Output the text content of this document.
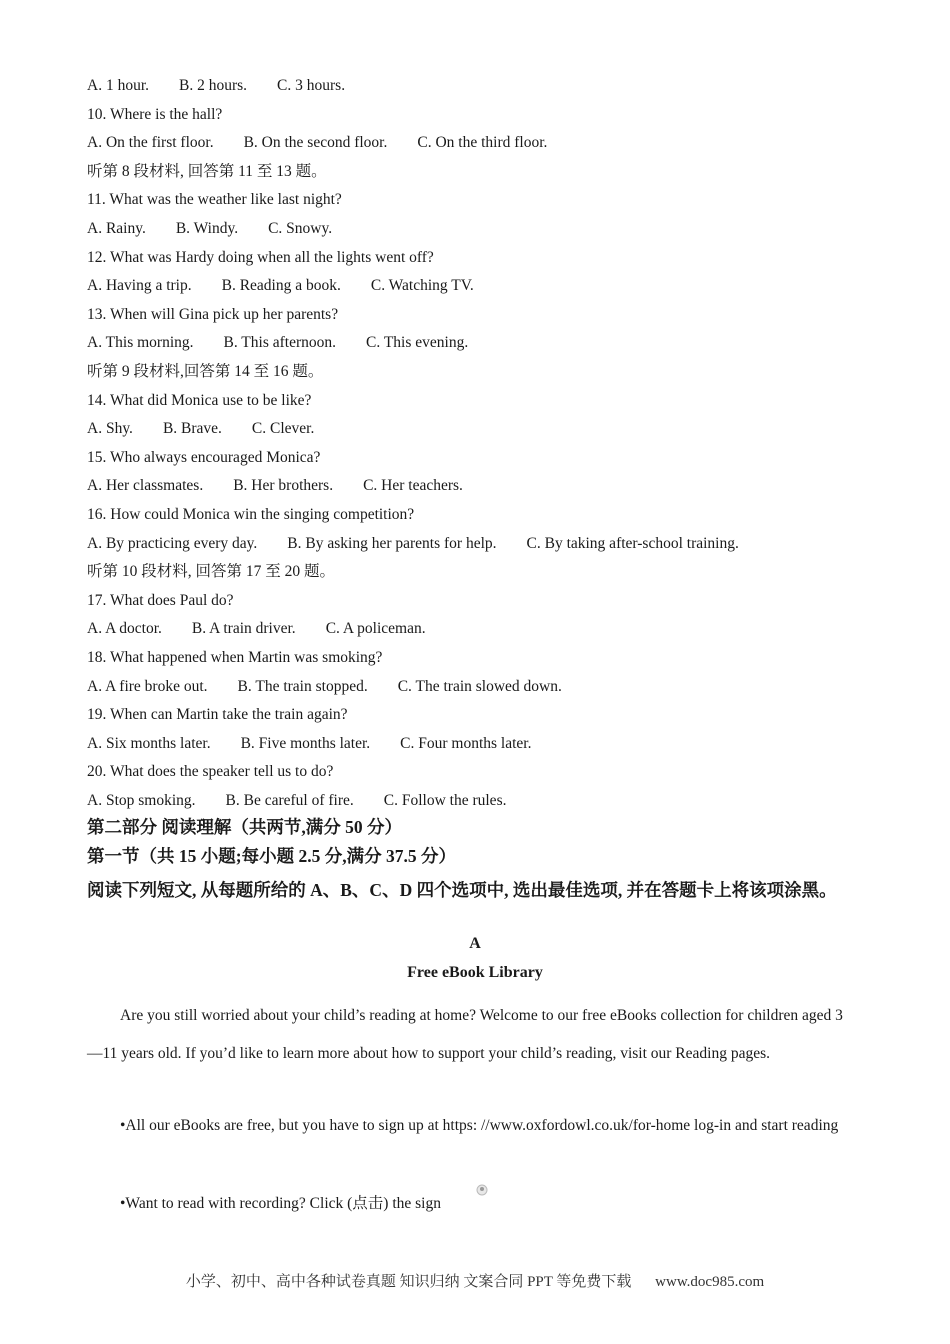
A. 1 hour. B. 2 hours. C. 3 hours.
10. Where is the hall?
A. On the first floor. B. On the second floor. C. On the third floor.
听第 8 段材料, 回答第 11 至 13 题。
11. What was the weather like last night?
A. Rainy. B. Windy. C. Snowy.
12. What was Hardy doing when all the lights went off?
A. Having a trip. B. Reading a book. C. Watching TV.
13. When will Gina pick up her parents?
A. This morning. B. This afternoon. C. This evening.
听第 9 段材料,回答第 14 至 16 题。
14. What did Monica use to be like?
A. Shy. B. Brave. C. Clever.
15. Who always encouraged Monica?
A. Her classmates. B. Her brothers. C. Her teachers.
16. How could Monica win the singing competition?
A. By practicing every day. B. By asking her parents for help. C. By taking after-school training.
听第 10 段材料, 回答第 17 至 20 题。
17. What does Paul do?
A. A doctor. B. A train driver. C. A policeman.
18. What happened when Martin was smoking?
A. A fire broke out. B. The train stopped. C. The train slowed down.
19. When can Martin take the train again?
A. Six months later. B. Five months later. C. Four months later.
20. What does the speaker tell us to do?
A. Stop smoking. B. Be careful of fire. C. Follow the rules.
第二部分 阅读理解（共两节,满分 50 分）
第一节（共 15 小题;每小题 2.5 分,满分 37.5 分）
阅读下列短文, 从每题所给的 A、B、C、D 四个选项中, 选出最佳选项, 并在答题卡上将该项涂黑。
A
Free eBook Library
Are you still worried about your child’s reading at home? Welcome to our free eBooks collection for children aged 3—11 years old. If you’d like to learn more about how to support your child’s reading, visit our Reading pages.
•All our eBooks are free, but you have to sign up at https: //www.oxfordowl.co.uk/for-home log-in and start reading
•Want to read with recording? Click (点击) the sign
小学、初中、高中各种试卷真题 知识归纳 文案合同 PPT 等免费下载 www.doc985.com
